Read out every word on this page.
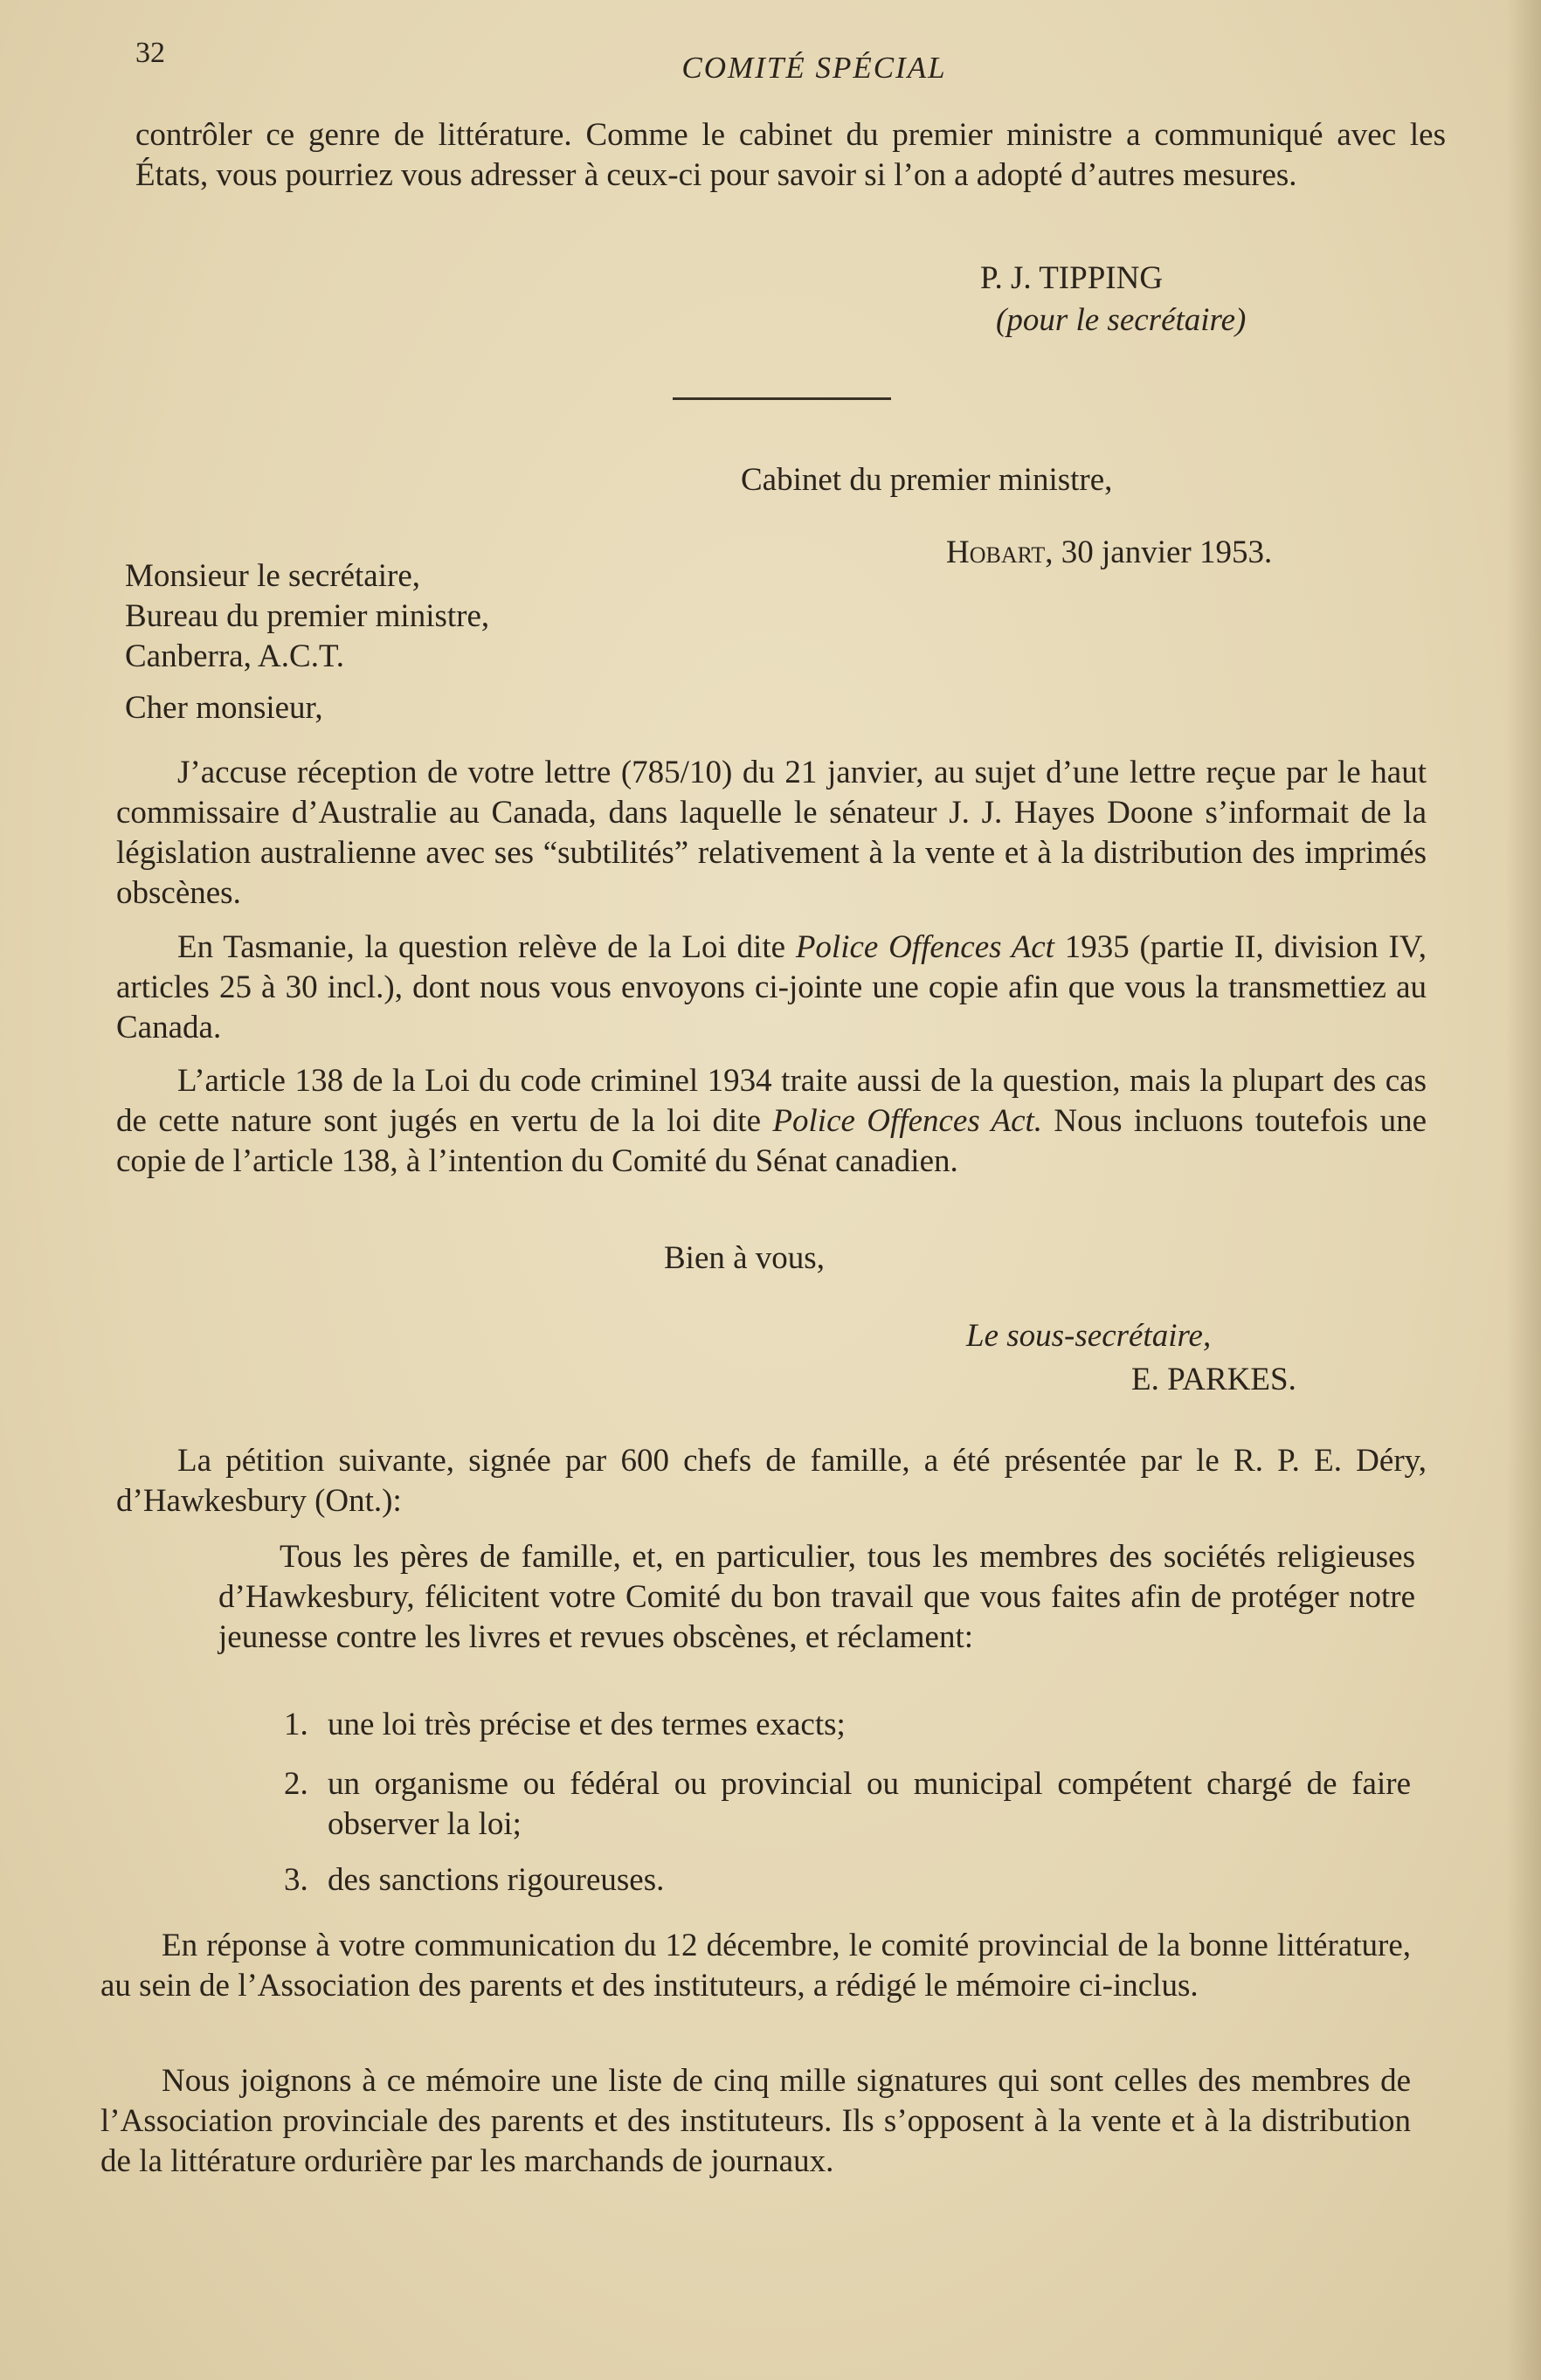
32	COMITÉ SPÉCIAL
contrôler ce genre de littérature. Comme le cabinet du premier ministre a communiqué avec les États, vous pourriez vous adresser à ceux-ci pour savoir si l’on a adopté d’autres mesures.
P. J. TIPPING
(pour le secrétaire)
Cabinet du premier ministre,
Hobart, 30 janvier 1953.
Monsieur le secrétaire,
Bureau du premier ministre,
Canberra, A.C.T.
Cher monsieur,
J’accuse réception de votre lettre (785/10) du 21 janvier, au sujet d’une lettre reçue par le haut commissaire d’Australie au Canada, dans laquelle le sénateur J. J. Hayes Doone s’informait de la législation australienne avec ses “subtilités” relativement à la vente et à la distribution des imprimés obscènes.
En Tasmanie, la question relève de la Loi dite Police Offences Act 1935 (partie II, division IV, articles 25 à 30 incl.), dont nous vous envoyons ci-jointe une copie afin que vous la transmettiez au Canada.
L’article 138 de la Loi du code criminel 1934 traite aussi de la question, mais la plupart des cas de cette nature sont jugés en vertu de la loi dite Police Offences Act. Nous incluons toutefois une copie de l’article 138, à l’intention du Comité du Sénat canadien.
Bien à vous,
Le sous-secrétaire,
E. PARKES.
La pétition suivante, signée par 600 chefs de famille, a été présentée par le R. P. E. Déry, d’Hawkesbury (Ont.):
Tous les pères de famille, et, en particulier, tous les membres des sociétés religieuses d’Hawkesbury, félicitent votre Comité du bon travail que vous faites afin de protéger notre jeunesse contre les livres et revues obscènes, et réclament:
1. une loi très précise et des termes exacts;
2. un organisme ou fédéral ou provincial ou municipal compétent chargé de faire observer la loi;
3. des sanctions rigoureuses.
En réponse à votre communication du 12 décembre, le comité provincial de la bonne littérature, au sein de l’Association des parents et des instituteurs, a rédigé le mémoire ci-inclus.
Nous joignons à ce mémoire une liste de cinq mille signatures qui sont celles des membres de l’Association provinciale des parents et des instituteurs. Ils s’opposent à la vente et à la distribution de la littérature ordurière par les marchands de journaux.
